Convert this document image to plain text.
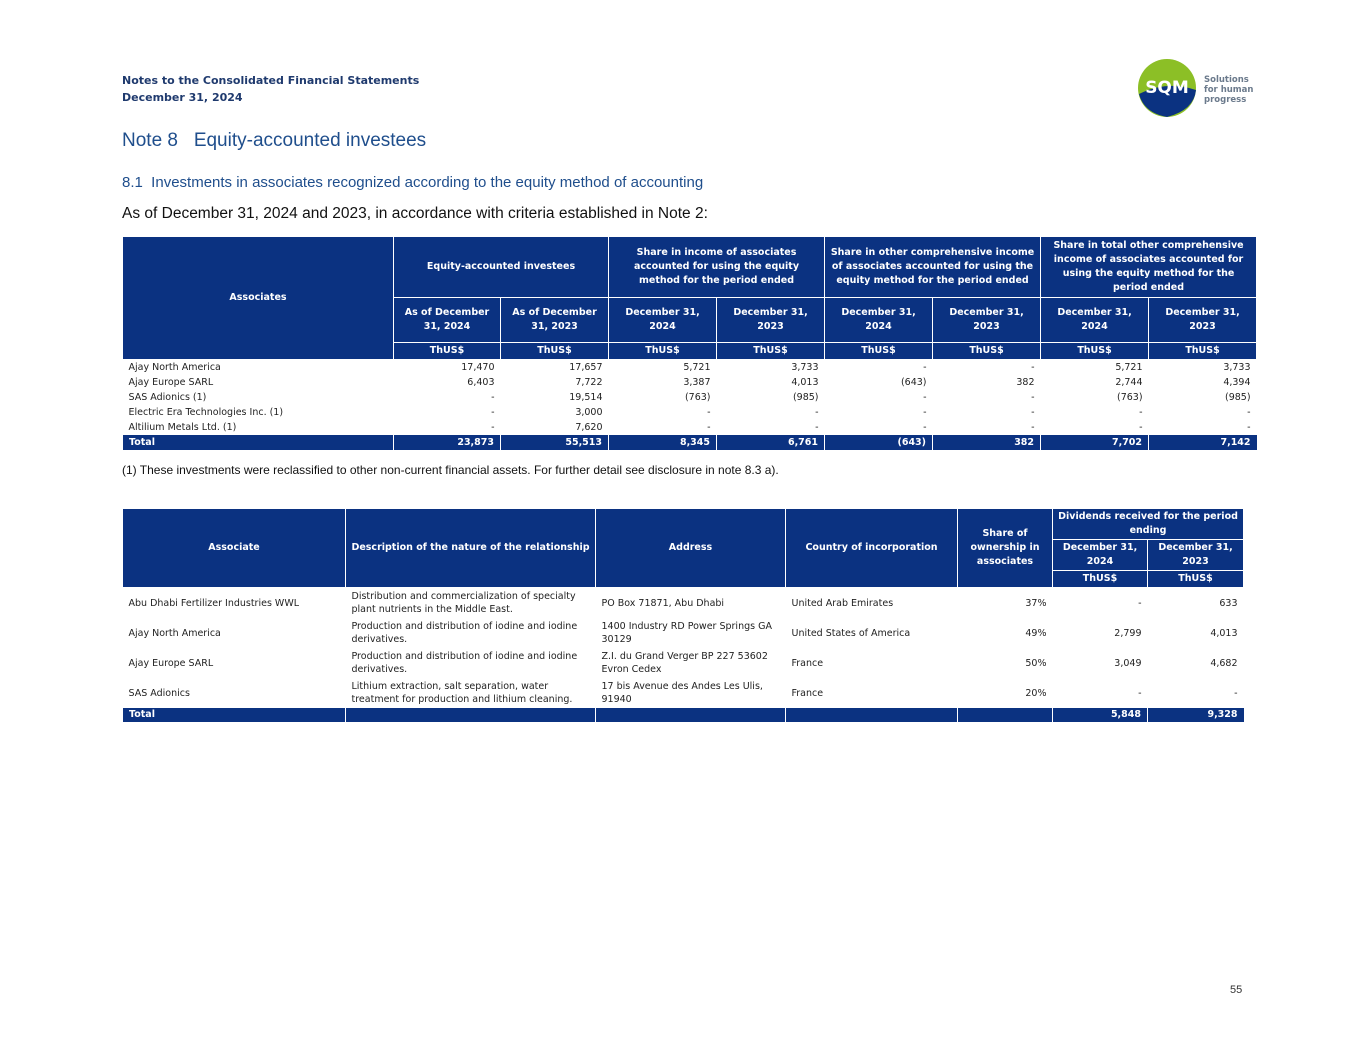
Notes to the Consolidated Financial Statements
December 31, 2024	SQM Solutions
for human
progress
Note 8   Equity-accounted investees
8.1  Investments in associates recognized according to the equity method of accounting
As of December 31, 2024 and 2023, in accordance with criteria established in Note 2:
Associates	Equity-accounted investees		Share in income of associates accounted for using the equity method for the period ended		Share in other comprehensive income of associates accounted for using the equity method for the period ended		Share in total other comprehensive income of associates accounted for using the equity method for the period ended	
	As of December 31, 2024	As of December 31, 2023	December 31, 2024	December 31, 2023	December 31, 2024	December 31, 2023	December 31, 2024	December 31, 2023
	ThUS$	ThUS$	ThUS$	ThUS$	ThUS$	ThUS$	ThUS$	ThUS$
Ajay North America	17,470	17,657	5,721	3,733	-	-	5,721	3,733
Ajay Europe SARL	6,403	7,722	3,387	4,013	(643)	382	2,744	4,394
SAS Adionics (1)	-	19,514	(763)	(985)	-	-	(763)	(985)
Electric Era Technologies Inc. (1)	-	3,000	-	-	-	-	-	-
Altilium Metals Ltd. (1)	-	7,620	-	-	-	-	-	-
Total	23,873	55,513	8,345	6,761	(643)	382	7,702	7,142
(1) These investments were reclassified to other non-current financial assets. For further detail see disclosure in note 8.3 a).
Associate	Description of the nature of the relationship	Address	Country of incorporation	Share of ownership in associates	Dividends received for the period ending	
					December 31, 2024	December 31, 2023
					ThUS$	ThUS$
Abu Dhabi Fertilizer Industries WWL	Distribution and commercialization of specialty plant nutrients in the Middle East.	PO Box 71871, Abu Dhabi	United Arab Emirates	37%	-	633
Ajay North America	Production and distribution of iodine and iodine derivatives.	1400 Industry RD Power Springs GA 30129	United States of America	49%	2,799	4,013
Ajay Europe SARL	Production and distribution of iodine and iodine derivatives.	Z.I. du Grand Verger BP 227 53602 Evron Cedex	France	50%	3,049	4,682
SAS Adionics	Lithium extraction, salt separation, water treatment for production and lithium cleaning.	17 bis Avenue des Andes Les Ulis, 91940	France	20%	-	-
Total					5,848	9,328
55
